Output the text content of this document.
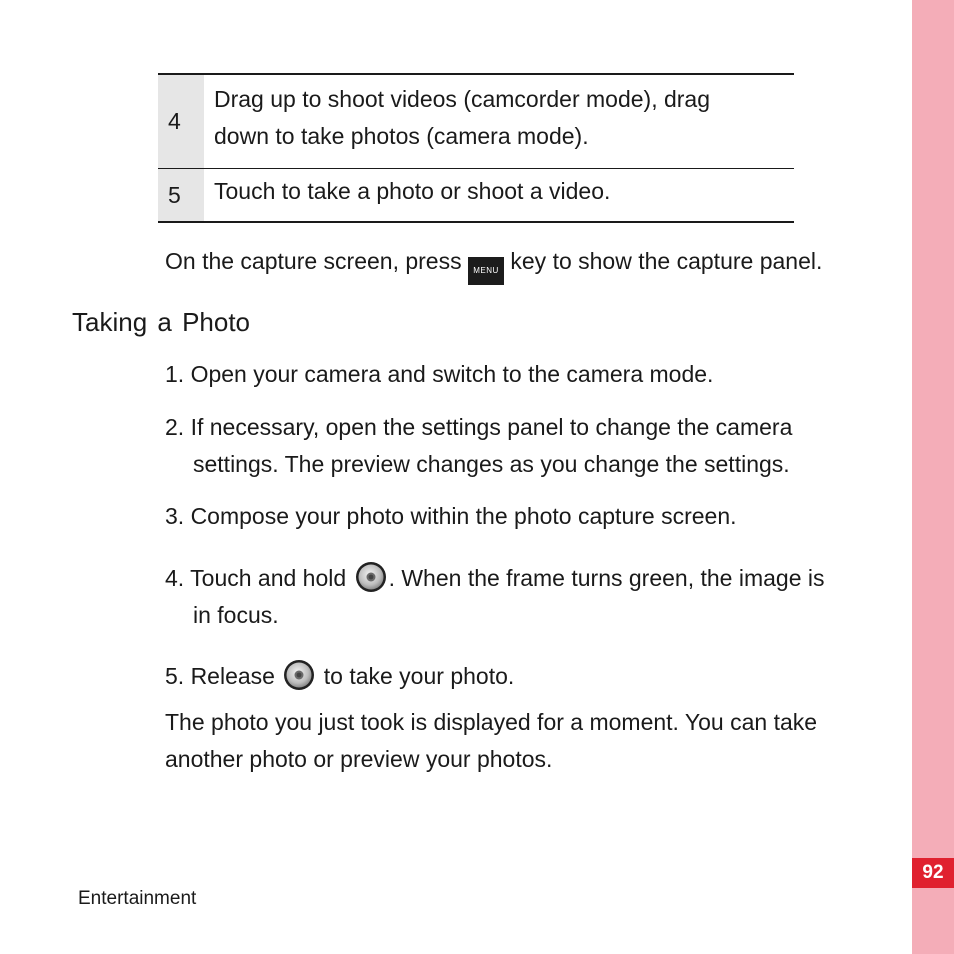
92
4
Drag up to shoot videos (camcorder mode), drag
down to take photos (camera mode).
5	Touch to take a photo or shoot a video.
On the capture screen, press MENU key to show the capture panel.
Taking a Photo
1. Open your camera and switch to the camera mode.
2. If necessary, open the settings panel to change the camera
settings. The preview changes as you change the settings.
3. Compose your photo within the photo capture screen.
4. Touch and hold . When the frame turns green, the image is
in focus.
5. Release  to take your photo.
The photo you just took is displayed for a moment. You can take
another photo or preview your photos.
Entertainment
